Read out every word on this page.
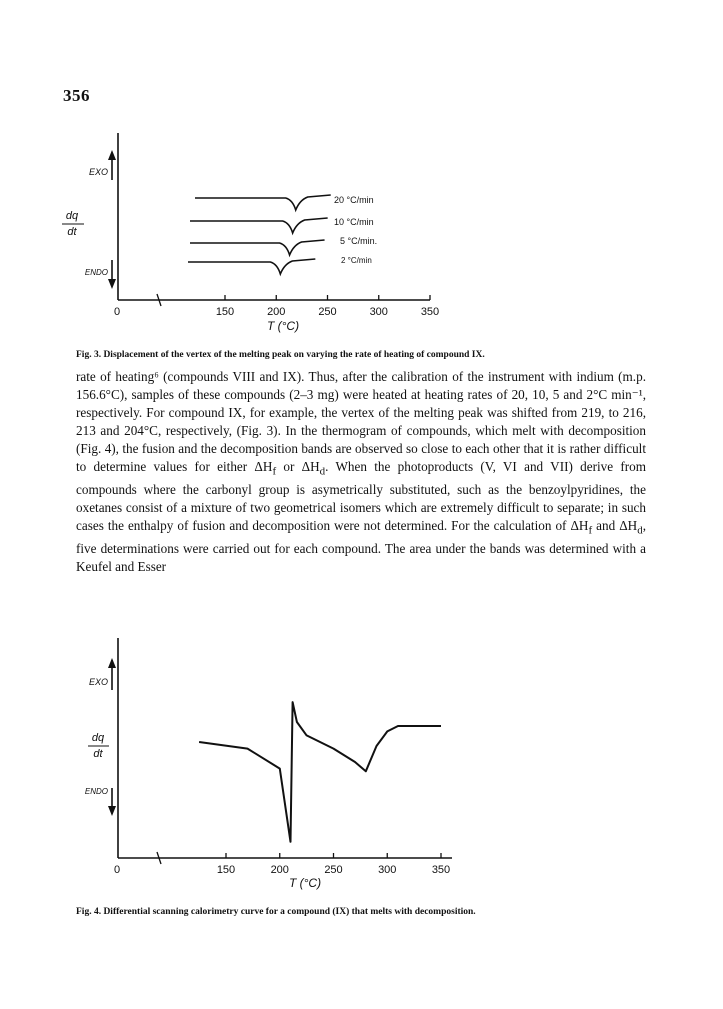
356
EXO
dq
dt
ENDO
0	150	200	250	300	350
T (°C)
20 °C/min
10 °C/min
5 °C/min.
2 °C/min
Fig. 3. Displacement of the vertex of the melting peak on varying the rate of heating of compound IX.

rate of heating⁶ (compounds VIII and IX). Thus, after the calibration of the instrument with indium (m.p. 156.6°C), samples of these compounds (2–3 mg) were heated at heating rates of 20, 10, 5 and 2°C min⁻¹, respectively. For compound IX, for example, the vertex of the melting peak was shifted from 219, to 216, 213 and 204°C, respectively, (Fig. 3). In the thermogram of compounds, which melt with decomposition (Fig. 4), the fusion and the decomposition bands are observed so close to each other that it is rather difficult to determine values for either $\Delta H_f$ or $\Delta H_d$. When the photoproducts (V, VI and VII) derive from compounds where the carbonyl group is asymetrically substituted, such as the benzoylpyridines, the oxetanes consist of a mixture of two geometrical isomers which are extremely difficult to separate; in such cases the enthalpy of fusion and decomposition were not determined. For the calculation of $\Delta H_f$ and $\Delta H_d$, five determinations were carried out for each compound. The area under the bands was determined with a Keufel and Esser

EXO
dq
dt
ENDO
0	150	200	250	300	350
T (°C)
Fig. 4. Differential scanning calorimetry curve for a compound (IX) that melts with decomposition.
